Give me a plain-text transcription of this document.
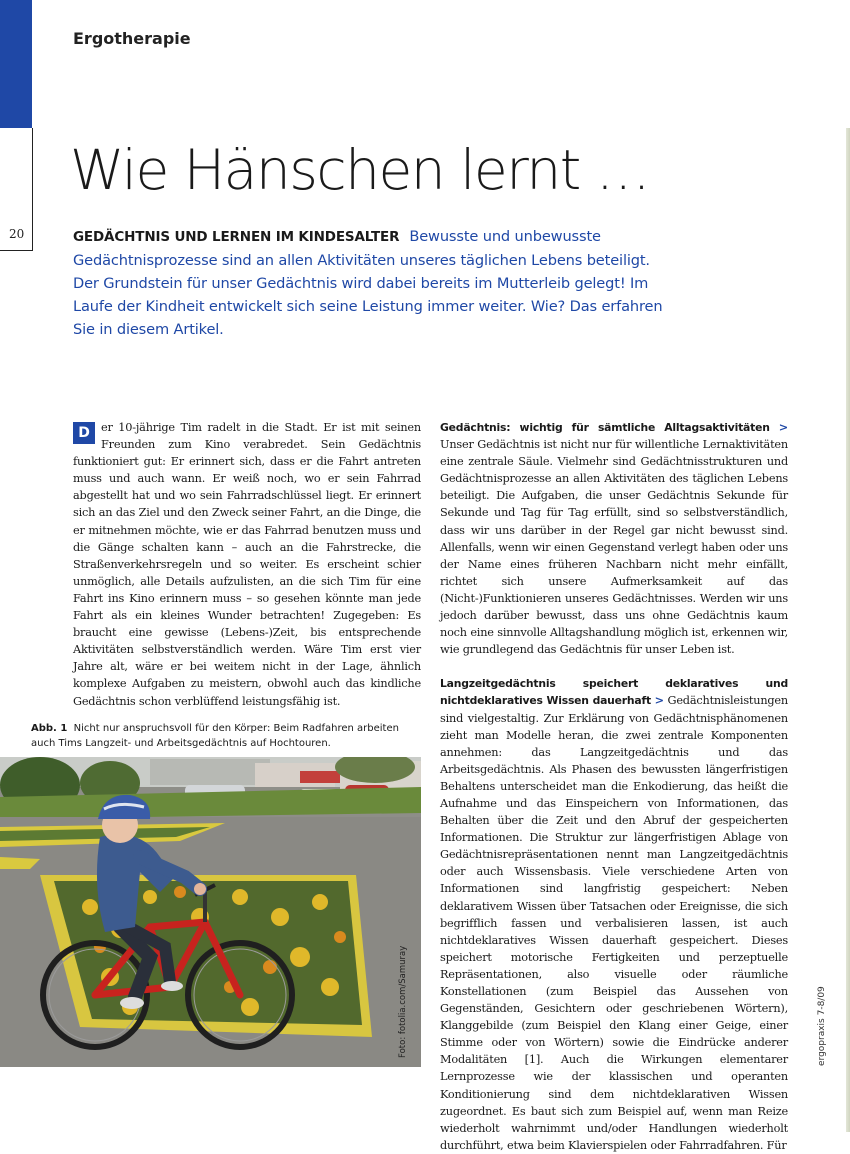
20
Ergotherapie
Wie Hänschen lernt …

GEDÄCHTNIS UND LERNEN IM KINDESALTER Bewusste und unbewusste Gedächtnisprozesse sind an allen Aktivitäten unseres täglichen Lebens beteiligt. Der Grundstein für unser Gedächtnis wird dabei bereits im Mutterleib gelegt! Im Laufe der Kindheit entwickelt sich seine Leistung immer weiter. Wie? Das erfahren Sie in diesem Artikel.

D er 10-jährige Tim radelt in die Stadt. Er ist mit seinen Freunden zum Kino verabredet. Sein Gedächtnis funktioniert gut: Er erinnert sich, dass er die Fahrt antreten muss und auch wann. Er weiß noch, wo er sein Fahrrad abgestellt hat und wo sein Fahrradschlüssel liegt. Er erinnert sich an das Ziel und den Zweck seiner Fahrt, an die Dinge, die er mitnehmen möchte, wie er das Fahrrad benutzen muss und die Gänge schalten kann – auch an die Fahrstrecke, die Straßenverkehrsregeln und so weiter. Es erscheint schier unmöglich, alle Details aufzulisten, an die sich Tim für eine Fahrt ins Kino erinnern muss – so gesehen könnte man jede Fahrt als ein kleines Wunder betrachten! Zugegeben: Es braucht eine gewisse (Lebens-)Zeit, bis entsprechende Aktivitäten selbstverständlich werden. Wäre Tim erst vier Jahre alt, wäre er bei weitem nicht in der Lage, ähnlich komplexe Aufgaben zu meistern, obwohl auch das kindliche Gedächtnis schon verblüffend leistungsfähig ist.

Abb. 1 Nicht nur anspruchsvoll für den Körper: Beim Radfahren arbeiten auch Tims Langzeit- und Arbeitsgedächtnis auf Hochtouren.

Foto: fotolia.com/Samuray

Gedächtnis: wichtig für sämtliche Alltagsaktivitäten > Unser Gedächtnis ist nicht nur für willentliche Lernaktivitäten eine zentrale Säule. Vielmehr sind Gedächtnisstrukturen und Gedächtnisprozesse an allen Aktivitäten des täglichen Lebens beteiligt. Die Aufgaben, die unser Gedächtnis Sekunde für Sekunde und Tag für Tag erfüllt, sind so selbstverständlich, dass wir uns darüber in der Regel gar nicht bewusst sind. Allenfalls, wenn wir einen Gegenstand verlegt haben oder uns der Name eines früheren Nachbarn nicht mehr einfällt, richtet sich unsere Aufmerksamkeit auf das (Nicht-)Funktionieren unseres Gedächtnisses. Werden wir uns jedoch darüber bewusst, dass uns ohne Gedächtnis kaum noch eine sinnvolle Alltagshandlung möglich ist, erkennen wir, wie grundlegend das Gedächtnis für unser Leben ist.

Langzeitgedächtnis speichert deklaratives und nichtdeklaratives Wissen dauerhaft > Gedächtnisleistungen sind vielgestaltig. Zur Erklärung von Gedächtnisphänomenen zieht man Modelle heran, die zwei zentrale Komponenten annehmen: das Langzeitgedächtnis und das Arbeitsgedächtnis. Als Phasen des bewussten längerfristigen Behaltens unterscheidet man die Enkodierung, das heißt die Aufnahme und das Einspeichern von Informationen, das Behalten über die Zeit und den Abruf der gespeicherten Informationen. Die Struktur zur längerfristigen Ablage von Gedächtnisrepräsentationen nennt man Langzeitgedächtnis oder auch Wissensbasis. Viele verschiedene Arten von Informationen sind langfristig gespeichert: Neben deklarativem Wissen über Tatsachen oder Ereignisse, die sich begrifflich fassen und verbalisieren lassen, ist auch nichtdeklaratives Wissen dauerhaft gespeichert. Dieses speichert motorische Fertigkeiten und perzeptuelle Repräsentationen, also visuelle oder räumliche Konstellationen (zum Beispiel das Aussehen von Gegenständen, Gesichtern oder geschriebenen Wörtern), Klanggebilde (zum Beispiel den Klang einer Geige, einer Stimme oder von Wörtern) sowie die Eindrücke anderer Modalitäten [1]. Auch die Wirkungen elementarer Lernprozesse wie der klassischen und operanten Konditionierung sind dem nichtdeklarativen Wissen zugeordnet. Es baut sich zum Beispiel auf, wenn man Reize wiederholt wahrnimmt und/oder Handlungen wiederholt durchführt, etwa beim Klavierspielen oder Fahrradfahren. Für

ergopraxis 7-8/09
